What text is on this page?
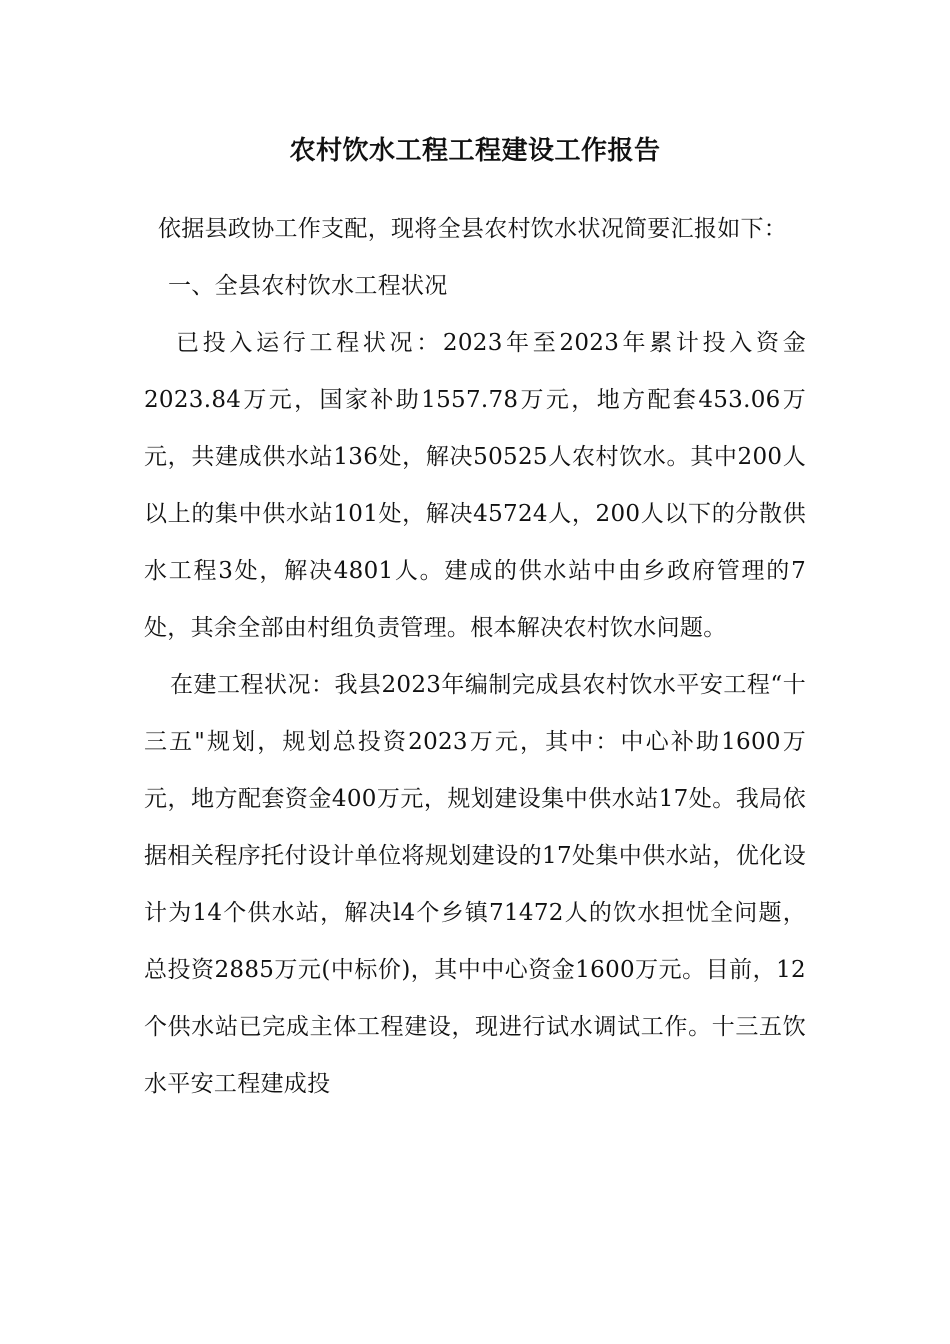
农村饮水工程工程建设工作报告

依据县政协工作支配，现将全县农村饮水状况简要汇报如下：

一、全县农村饮水工程状况

已投入运行工程状况：2023年至2023年累计投入资金2023.84万元，国家补助1557.78万元，地方配套453.06万元，共建成供水站136处，解决50525人农村饮水。其中200人以上的集中供水站101处，解决45724人，200人以下的分散供水工程3处，解决4801人。建成的供水站中由乡政府管理的7处，其余全部由村组负责管理。根本解决农村饮水问题。

在建工程状况：我县2023年编制完成县农村饮水平安工程“十三五"规划，规划总投资2023万元，其中：中心补助1600万元，地方配套资金400万元，规划建设集中供水站17处。我局依据相关程序托付设计单位将规划建设的17处集中供水站，优化设计为14个供水站，解决l4个乡镇71472人的饮水担忧全问题，总投资2885万元(中标价)，其中中心资金1600万元。目前，12个供水站已完成主体工程建设，现进行试水调试工作。十三五饮水平安工程建成投
